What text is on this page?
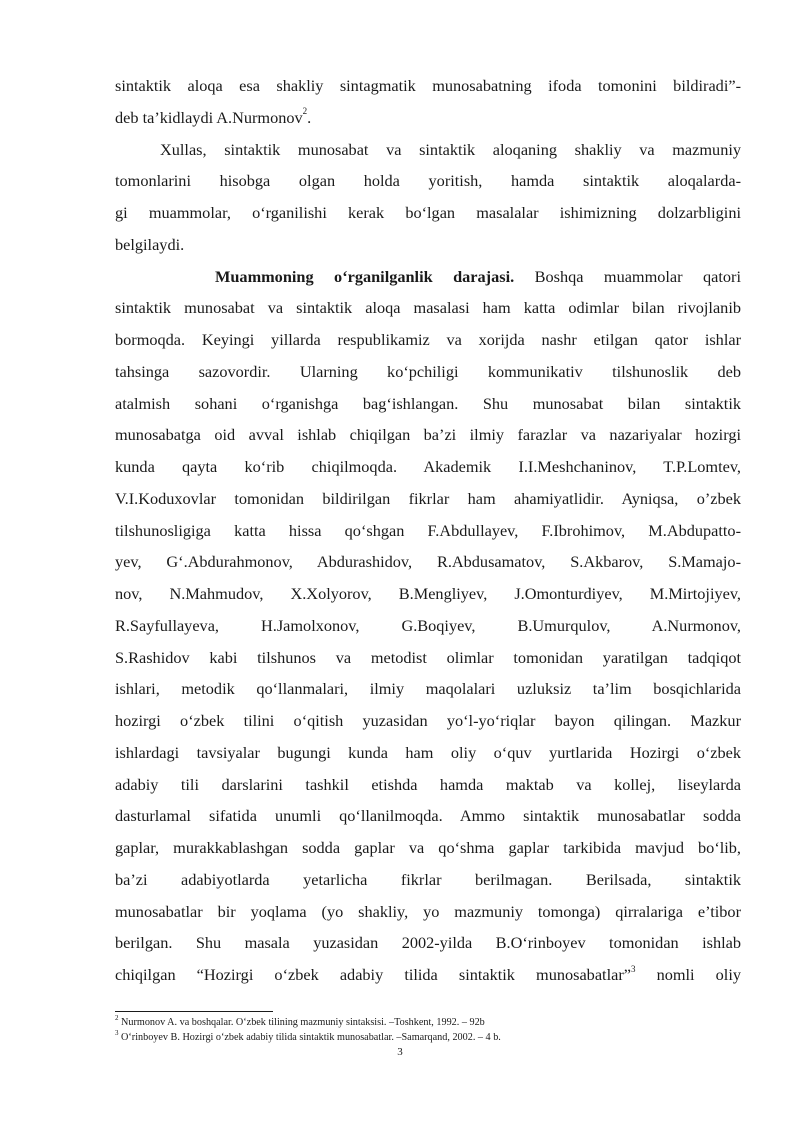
sintaktik aloqa esa shakliy sintagmatik munosabatning ifoda tomonini bildiradi”-
deb ta’kidlaydi A.Nurmonov$^2$.
Xullas, sintaktik munosabat va sintaktik aloqaning shakliy va mazmuniy
tomonlarini hisobga olgan holda yoritish, hamda sintaktik aloqalarda-
gi muammolar, o‘rganilishi kerak bo‘lgan masalalar ishimizning dolzarbligini
belgilaydi.
Muammoning o‘rganilganlik darajasi. Boshqa muammolar qatori
sintaktik munosabat va sintaktik aloqa masalasi ham katta odimlar bilan rivojlanib
bormoqda. Keyingi yillarda respublikamiz va xorijda nashr etilgan qator ishlar
tahsinga sazovordir. Ularning ko‘pchiligi kommunikativ tilshunoslik deb
atalmish sohani o‘rganishga bag‘ishlangan. Shu munosabat bilan sintaktik
munosabatga oid avval ishlab chiqilgan ba’zi ilmiy farazlar va nazariyalar hozirgi
kunda qayta ko‘rib chiqilmoqda. Akademik I.I.Meshchaninov, T.P.Lomtev,
V.I.Koduxovlar tomonidan bildirilgan fikrlar ham ahamiyatlidir. Ayniqsa, o’zbek
tilshunosligiga katta hissa qo‘shgan F.Abdullayev, F.Ibrohimov, M.Abdupatto-
yev, G‘.Abdurahmonov, Abdurashidov, R.Abdusamatov, S.Akbarov, S.Mamajo-
nov, N.Mahmudov, X.Xolyorov, B.Mengliyev, J.Omonturdiyev, M.Mirtojiyev,
R.Sayfullayeva, H.Jamolxonov, G.Boqiyev, B.Umurqulov, A.Nurmonov,
S.Rashidov kabi tilshunos va metodist olimlar tomonidan yaratilgan tadqiqot
ishlari, metodik qo‘llanmalari, ilmiy maqolalari uzluksiz ta’lim bosqichlarida
hozirgi o‘zbek tilini o‘qitish yuzasidan yo‘l-yo‘riqlar bayon qilingan. Mazkur
ishlardagi tavsiyalar bugungi kunda ham oliy o‘quv yurtlarida Hozirgi o‘zbek
adabiy tili darslarini tashkil etishda hamda maktab va kollej, liseylarda
dasturlamal sifatida unumli qo‘llanilmoqda. Ammo sintaktik munosabatlar sodda
gaplar, murakkablashgan sodda gaplar va qo‘shma gaplar tarkibida mavjud bo‘lib,
ba’zi adabiyotlarda yetarlicha fikrlar berilmagan. Berilsada, sintaktik
munosabatlar bir yoqlama (yo shakliy, yo mazmuniy tomonga) qirralariga e’tibor
berilgan. Shu masala yuzasidan 2002-yilda B.O‘rinboyev tomonidan ishlab
chiqilgan “Hozirgi o‘zbek adabiy tilida sintaktik munosabatlar”$^3$ nomli oliy
$^2$ Nurmonov A. va boshqalar. O‘zbek tilining mazmuniy sintaksisi. –Toshkent, 1992. – 92b
$^3$ O‘rinboyev B. Hozirgi o‘zbek adabiy tilida sintaktik munosabatlar. –Samarqand, 2002. – 4 b.
3
